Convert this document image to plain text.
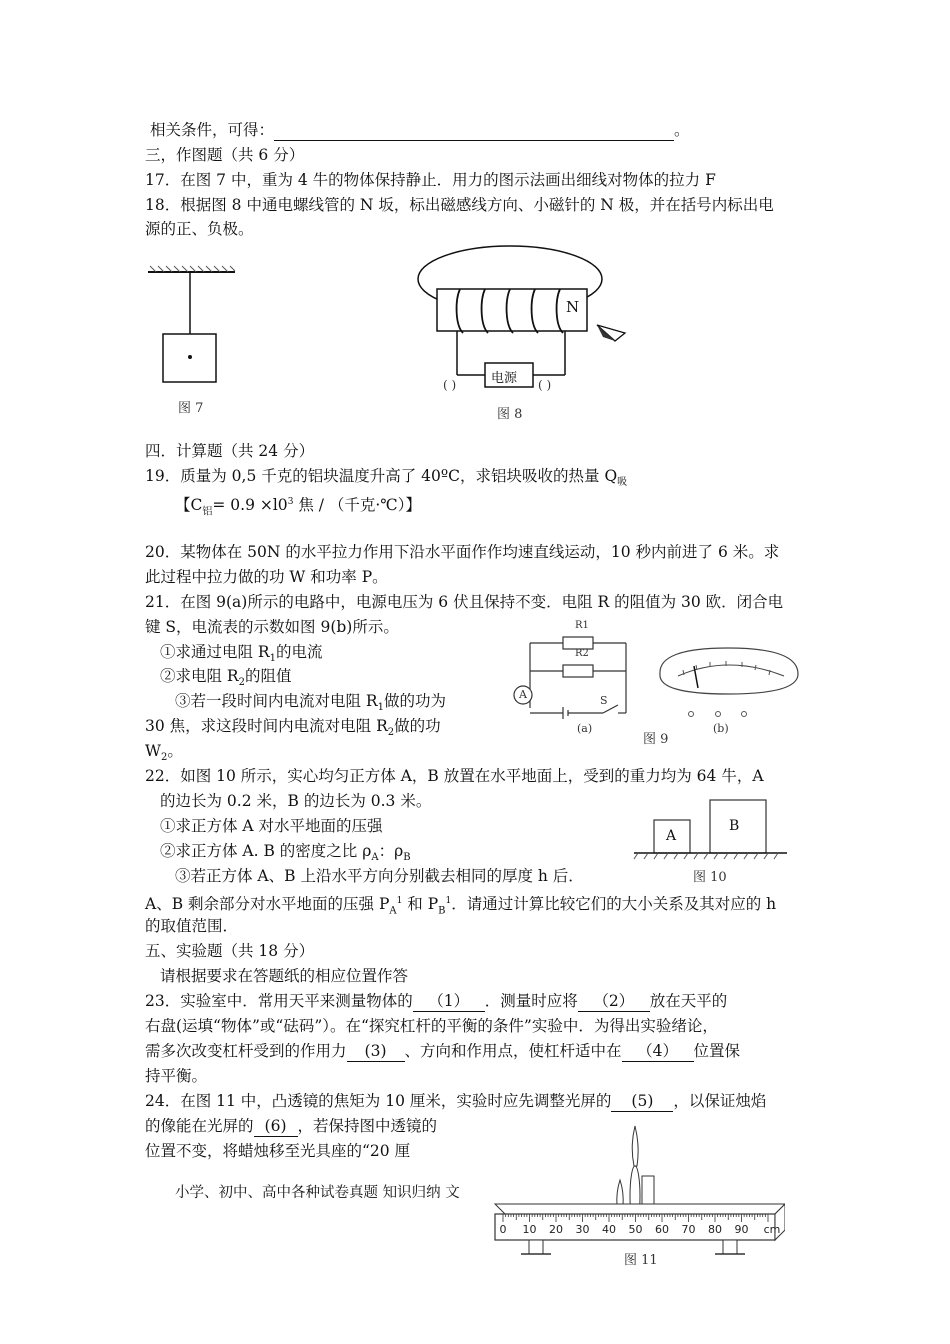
相关条件，可得：	。
三，作图题（共 6 分）
17．在图 7 中，重为 4 牛的物体保持静止．用力的图示法画出细线对物体的拉力 F
18．根据图 8 中通电螺线管的 N 坂，标出磁感线方向、小磁针的 N 极，并在括号内标出电
源的正、负极。
图 7
N
电源
( )	( )
图 8
四．计算题（共 24 分）
19．质量为 0,5 千克的铝块温度升高了 40ºC，求铝块吸收的热量 $Q_吸$
【$C_铝= 0.9 \times l0^3$ 焦 / （千克·℃）】
20．某物体在 50N 的水平拉力作用下沿水平面作作均速直线运动，10 秒内前进了 6 米。求
此过程中拉力做的功 W 和功率 P。
21．在图 9(a)所示的电路中，电源电压为 6 伏且保持不变．电阻 R 的阻值为 30 欧．闭合电
键 S，电流表的示数如图 9(b)所示。
①求通过电阻 $R_1$的电流
②求电阻 $R_2$的阻值
③若一段时间内电流对电阻 $R_1$做的功为
30 焦，求这段时间内电流对电阻 $R_2$做的功
$W_2$。
R1
R2
A	S
(a)	(b)
图 9
22．如图 10 所示，实心均匀正方体 A，B 放置在水平地面上，受到的重力均为 64 牛，A
的边长为 0.2 米，B 的边长为 0.3 米。
①求正方体 A 对水平地面的压强
②求正方体 A. B 的密度之比 $\rho_A$：$\rho_B$
③若正方体 A、B 上沿水平方向分别截去相同的厚度 h 后．
A、B 剩余部分对水平地面的压强 $P_A^1$ 和 $P_B^1$．请通过计算比较它们的大小关系及其对应的 h
的取值范围．
A
B
图 10
五、实验题（共 18 分）
请根据要求在答题纸的相应位置作答
23．实验室中．常用天平来测量物体的 （1） ．测量时应将 （2） 放在天平的
右盘(运填“物体”或“砝码”）。在“探究杠杆的平衡的条件”实验中．为得出实验绪论，
需多次改变杠杆受到的作用力 (3) 、方向和作用点，使杠杆适中在 （4） 位置保
持平衡。
24．在图 11 中，凸透镜的焦矩为 10 厘米，实验时应先调整光屏的 (5) ，以保证烛焰
的像能在光屏的 (6) ，若保持图中透镜的
位置不变，将蜡烛移至光具座的“20 厘
小学、初中、高中各种试卷真题 知识归纳 文
0 10 20 30 40 50 60 70 80 90 cm
图 11
